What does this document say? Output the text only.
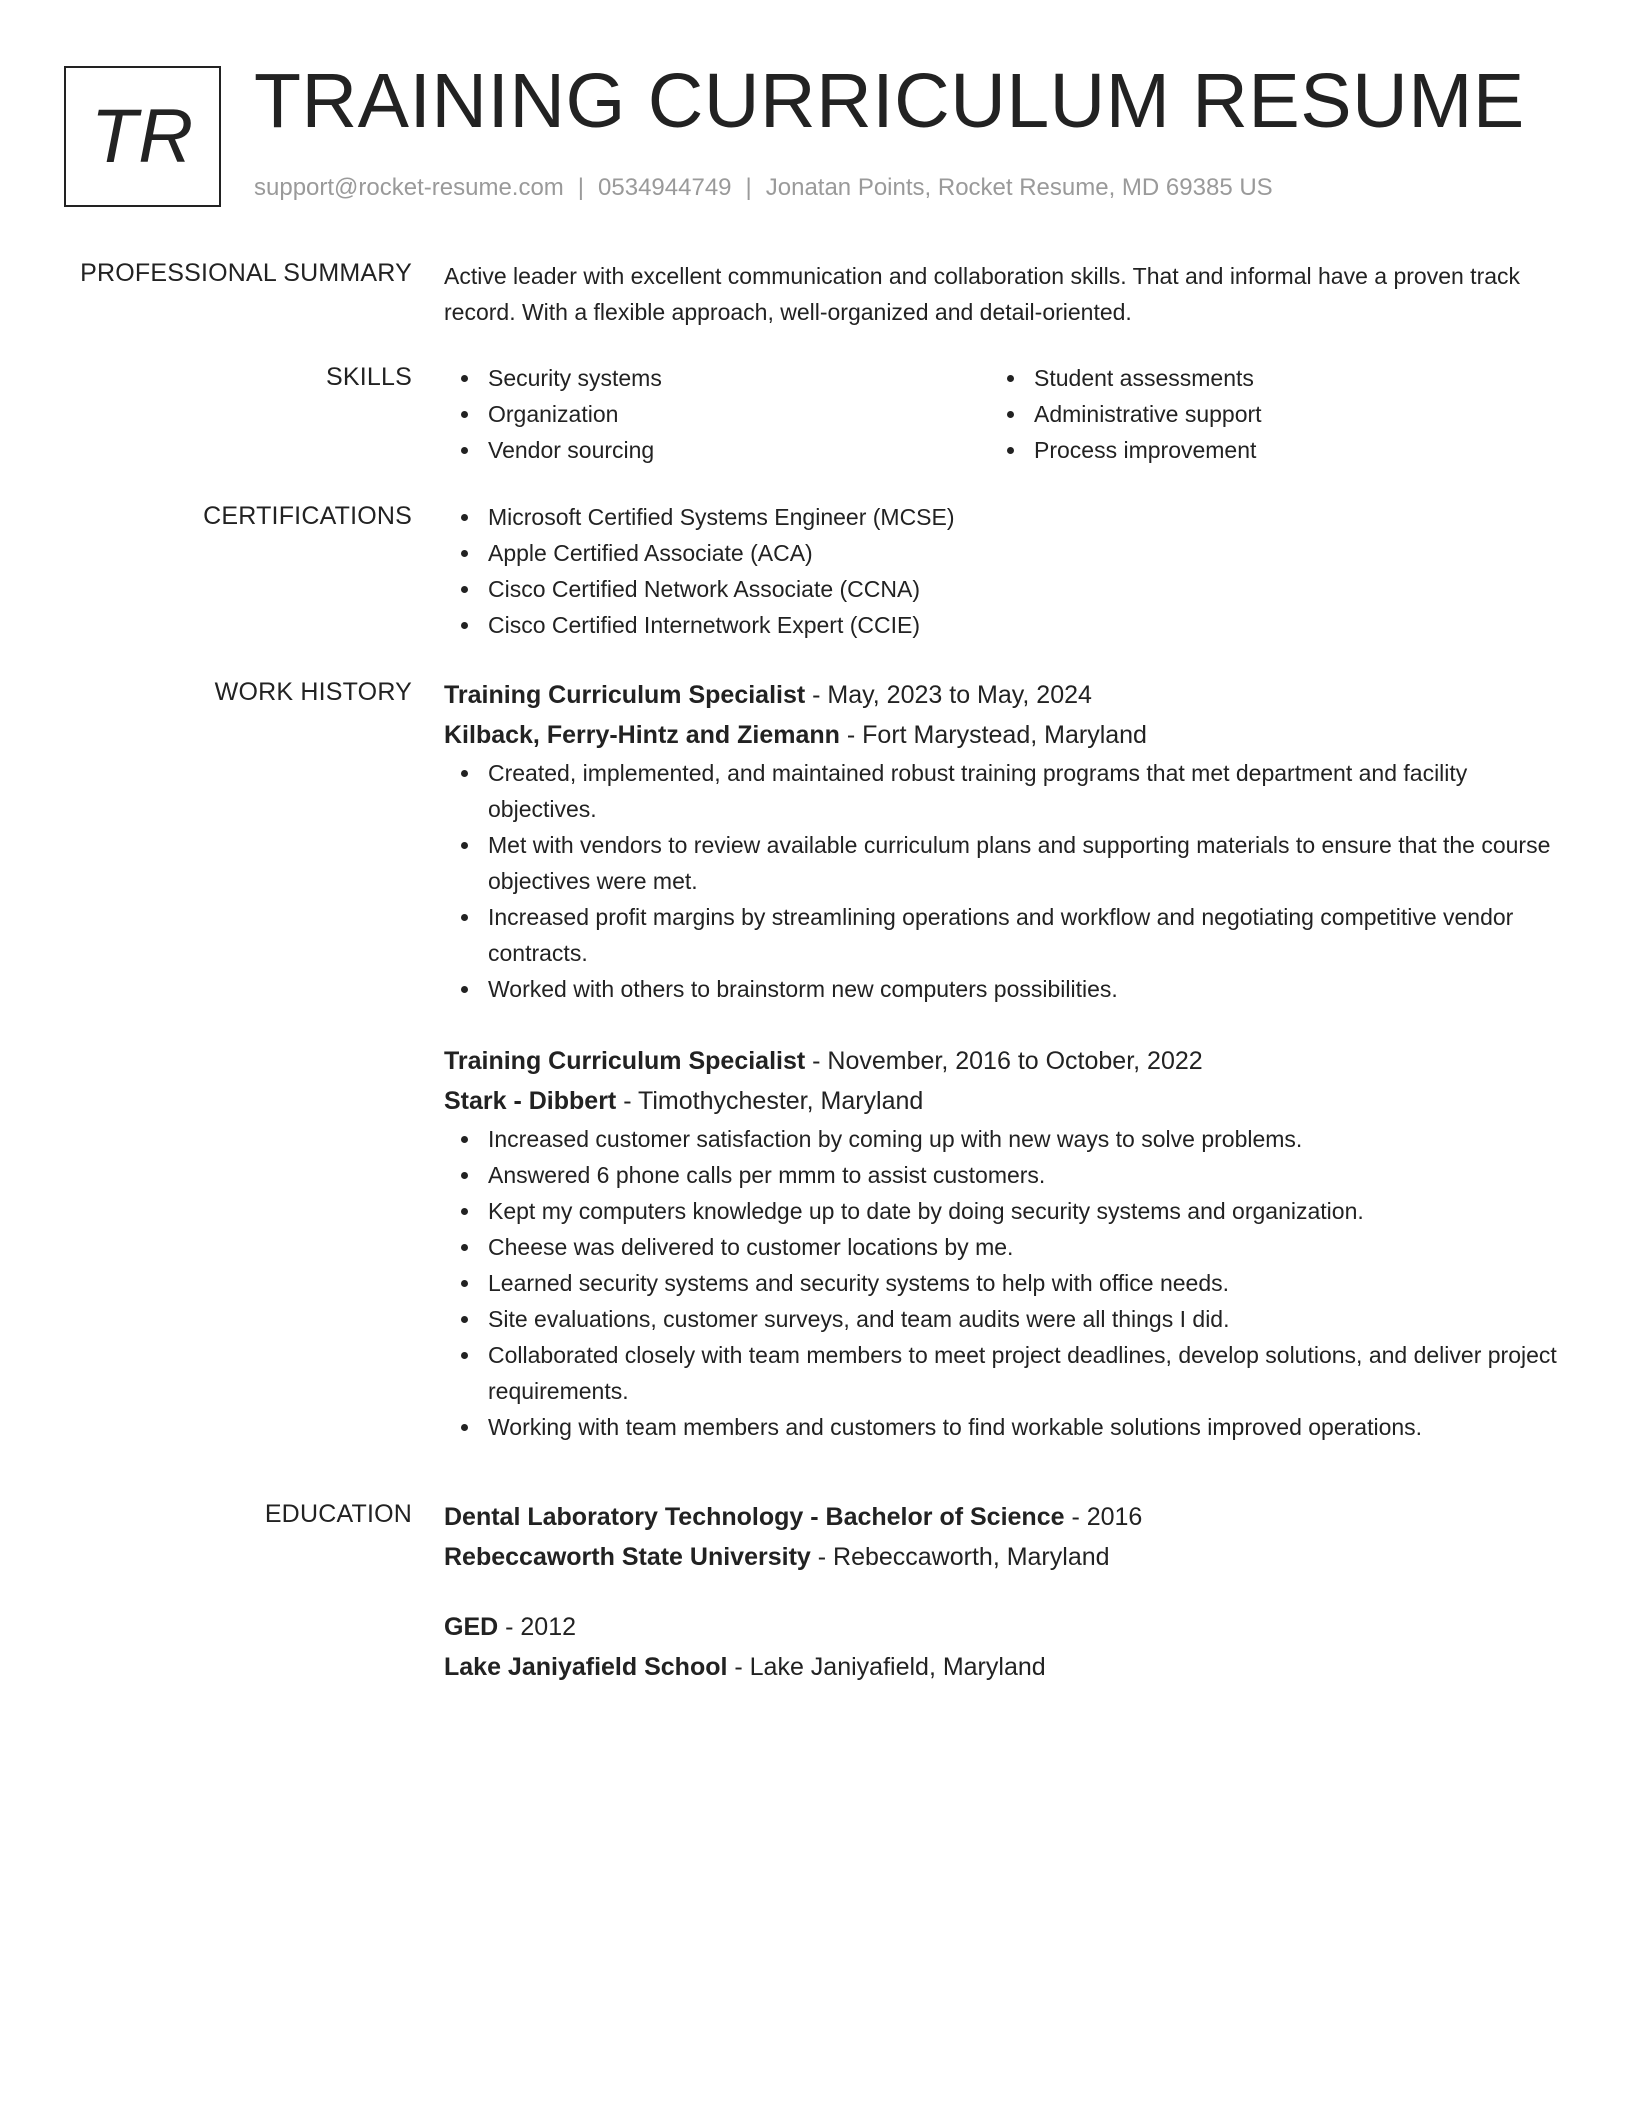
TR TRAINING CURRICULUM RESUME
support@rocket-resume.com | 0534944749 | Jonatan Points, Rocket Resume, MD 69385 US
PROFESSIONAL SUMMARY Active leader with excellent communication and collaboration skills. That and informal have a proven track record. With a flexible approach, well-organized and detail-oriented.

SKILLS	Security systems
Organization
Vendor sourcing
Student assessments
Administrative support
Process improvement
CERTIFICATIONS	Microsoft Certified Systems Engineer (MCSE)
Apple Certified Associate (ACA)
Cisco Certified Network Associate (CCNA)
Cisco Certified Internetwork Expert (CCIE)
WORK HISTORY Training Curriculum Specialist - May, 2023 to May, 2024
Kilback, Ferry-Hintz and Ziemann - Fort Marystead, Maryland
Created, implemented, and maintained robust training programs that met department and facility objectives.
Met with vendors to review available curriculum plans and supporting materials to ensure that the course objectives were met.
Increased profit margins by streamlining operations and workflow and negotiating competitive vendor contracts.
Worked with others to brainstorm new computers possibilities.
Training Curriculum Specialist - November, 2016 to October, 2022
Stark - Dibbert - Timothychester, Maryland
Increased customer satisfaction by coming up with new ways to solve problems.
Answered 6 phone calls per mmm to assist customers.
Kept my computers knowledge up to date by doing security systems and organization.
Cheese was delivered to customer locations by me.
Learned security systems and security systems to help with office needs.
Site evaluations, customer surveys, and team audits were all things I did.
Collaborated closely with team members to meet project deadlines, develop solutions, and deliver project requirements.
Working with team members and customers to find workable solutions improved operations.
EDUCATION Dental Laboratory Technology - Bachelor of Science - 2016
Rebeccaworth State University - Rebeccaworth, Maryland
GED - 2012
Lake Janiyafield School - Lake Janiyafield, Maryland
